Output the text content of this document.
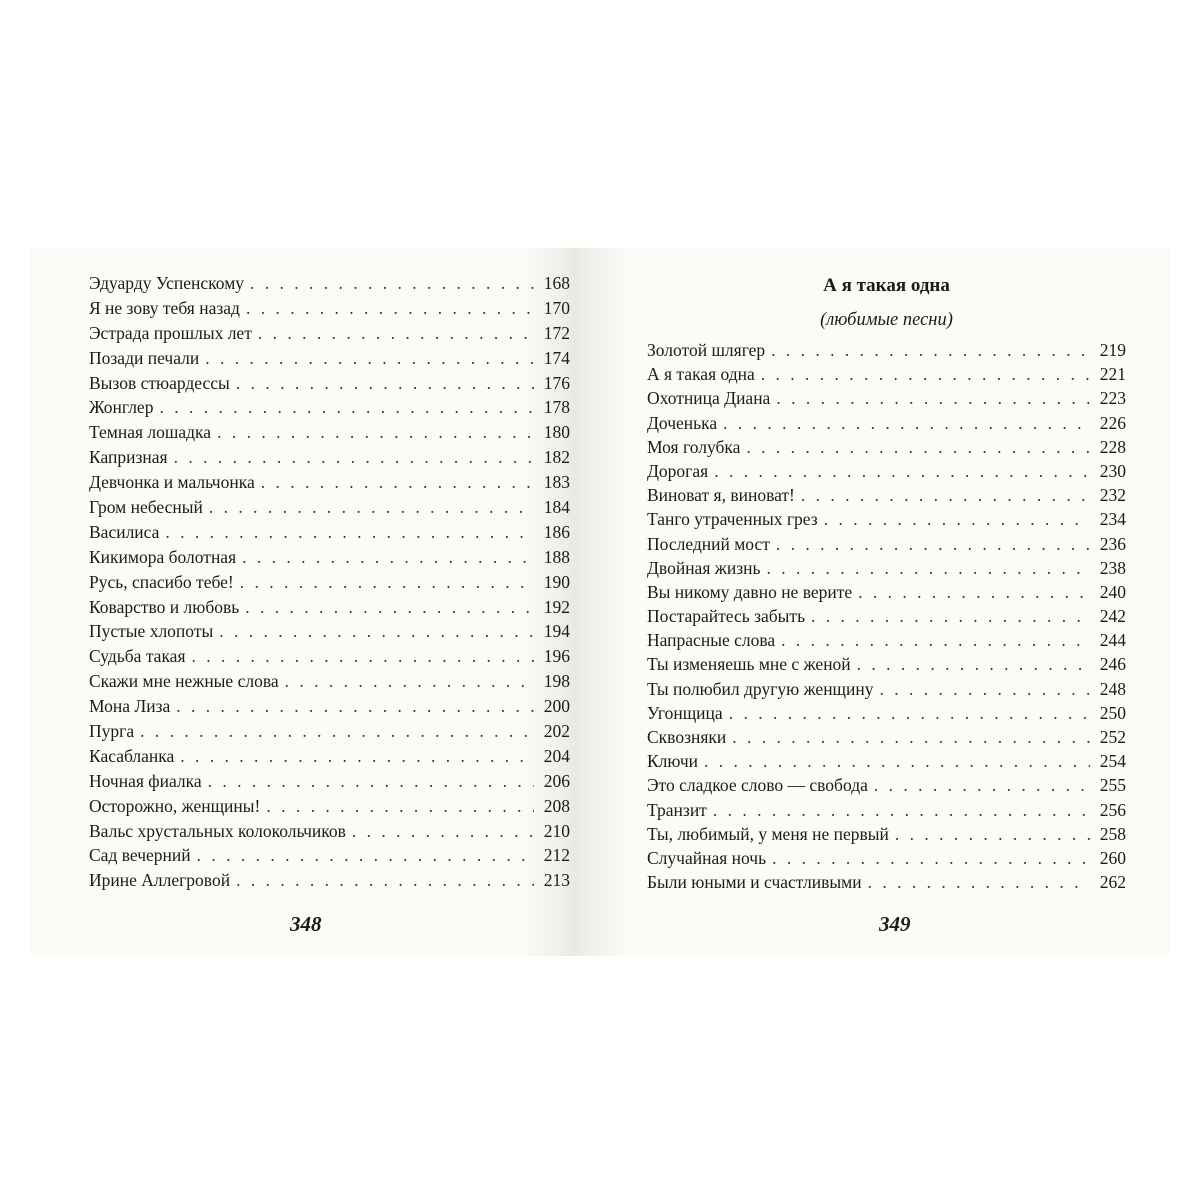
Эдуарду Успенскому . . .	168
Я не зову тебя назад . . .	170
Эстрада прошлых лет . . .	172
Позади печали . . .	174
Вызов стюардессы . . .	176
Жонглер . . .	178
Темная лошадка . . .	180
Капризная . . .	182
Девчонка и мальчонка . . .	183
Гром небесный . . .	184
Василиса . . .	186
Кикимора болотная . . .	188
Русь, спасибо тебе! . . .	190
Коварство и любовь . . .	192
Пустые хлопоты . . .	194
Судьба такая . . .	196
Скажи мне нежные слова . . .	198
Мона Лиза . . .	200
Пурга . . .	202
Касабланка . . .	204
Ночная фиалка . . .	206
Осторожно, женщины! . . .	208
Вальс хрустальных колокольчиков . . .	210
Сад вечерний . . .	212
Ирине Аллегровой . . .	213
348
А я такая одна
(любимые песни)
Золотой шлягер . . .	219
А я такая одна . . .	221
Охотница Диана . . .	223
Доченька . . .	226
Моя голубка . . .	228
Дорогая . . .	230
Виноват я, виноват! . . .	232
Танго утраченных грез . . .	234
Последний мост . . .	236
Двойная жизнь . . .	238
Вы никому давно не верите . . .	240
Постарайтесь забыть . . .	242
Напрасные слова . . .	244
Ты изменяешь мне с женой . . .	246
Ты полюбил другую женщину . . .	248
Угонщица . . .	250
Сквозняки . . .	252
Ключи . . .	254
Это сладкое слово — свобода . . .	255
Транзит . . .	256
Ты, любимый, у меня не первый . . .	258
Случайная ночь . . .	260
Были юными и счастливыми . . .	262
349
